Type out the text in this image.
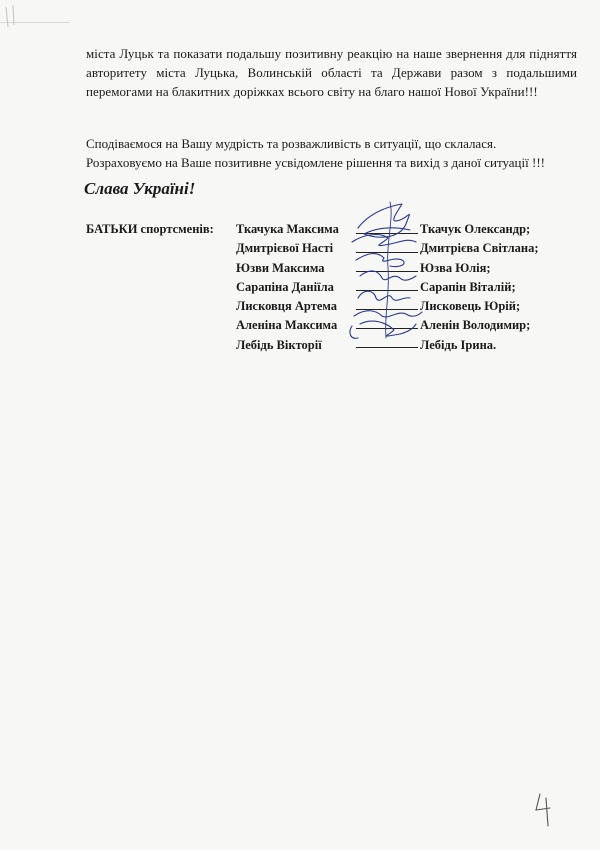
міста Луцьк та показати подальшу позитивну реакцію на наше звернення для підняття авторитету міста Луцька, Волинській області та Держави разом з подальшими перемогами на блакитних доріжках всього світу на благо нашої Нової України!!!

Сподіваємося на Вашу мудрість та розважливість в ситуації, що склалася.
Розраховуємо на Ваше позитивне усвідомлене рішення та вихід з даної ситуації !!!
Слава Україні!
БАТЬКИ спортсменів: Ткачука Максима
Дмитрієвої Насті
Юзви Максима
Сарапіна Даніїла
Лисковця Артема
Аленіна Максима
Лебідь Вікторії
Ткачук Олександр;
Дмитрієва Світлана;
Юзва Юлія;
Сарапін Віталій;
Лисковець Юрій;
Аленін Володимир;
Лебідь Ірина.
